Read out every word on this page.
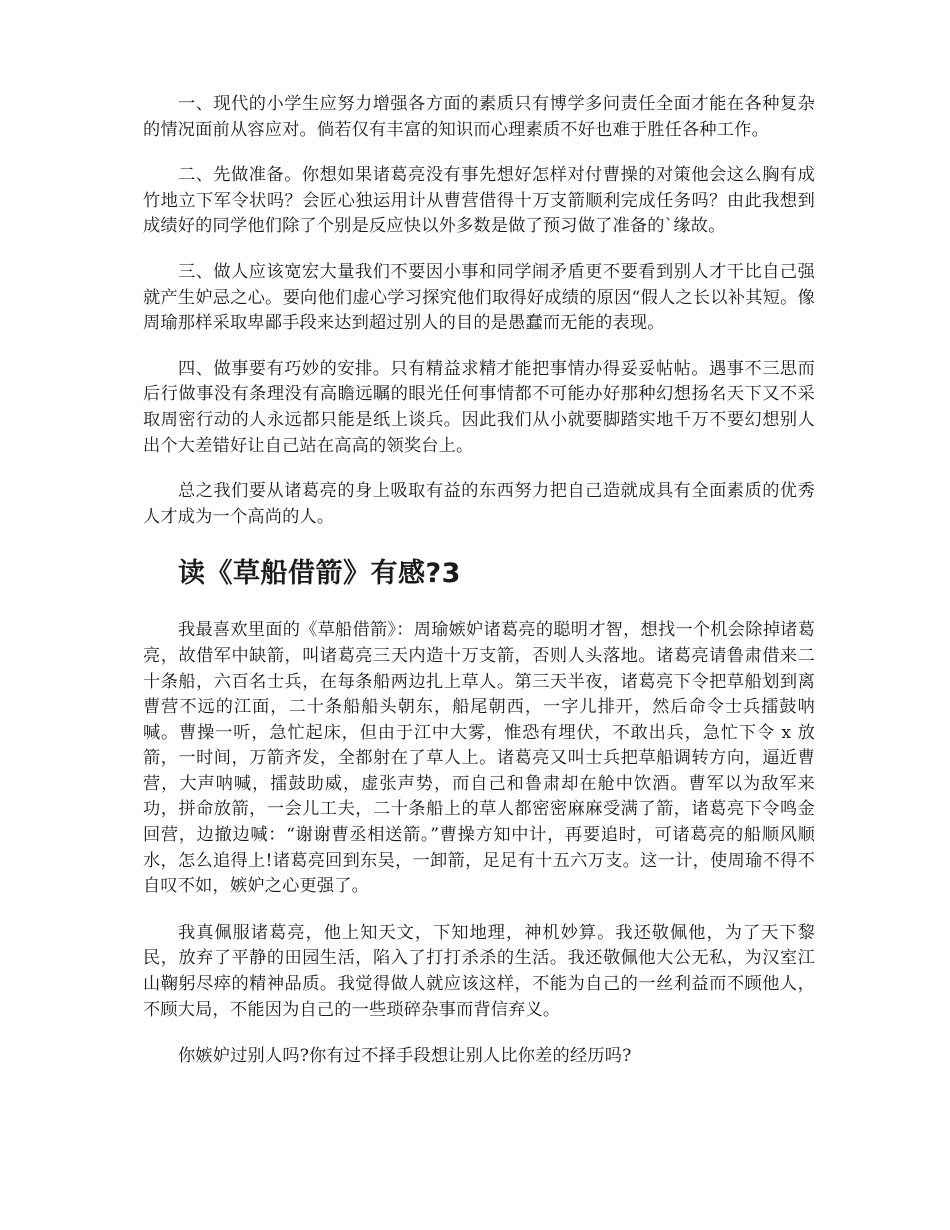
一、现代的小学生应努力增强各方面的素质只有博学多问责任全面才能在各种复杂的情况面前从容应对。倘若仅有丰富的知识而心理素质不好也难于胜任各种工作。

二、先做准备。你想如果诸葛亮没有事先想好怎样对付曹操的对策他会这么胸有成竹地立下军令状吗？会匠心独运用计从曹营借得十万支箭顺利完成任务吗？由此我想到成绩好的同学他们除了个别是反应快以外多数是做了预习做了准备的`缘故。

三、做人应该宽宏大量我们不要因小事和同学闹矛盾更不要看到别人才干比自己强就产生妒忌之心。要向他们虚心学习探究他们取得好成绩的原因“假人之长以补其短。像周瑜那样采取卑鄙手段来达到超过别人的目的是愚蠢而无能的表现。

四、做事要有巧妙的安排。只有精益求精才能把事情办得妥妥帖帖。遇事不三思而后行做事没有条理没有高瞻远瞩的眼光任何事情都不可能办好那种幻想扬名天下又不采取周密行动的人永远都只能是纸上谈兵。因此我们从小就要脚踏实地千万不要幻想别人出个大差错好让自己站在高高的领奖台上。

总之我们要从诸葛亮的身上吸取有益的东西努力把自己造就成具有全面素质的优秀人才成为一个高尚的人。

读《草船借箭》有感?3

我最喜欢里面的《草船借箭》：周瑜嫉妒诸葛亮的聪明才智，想找一个机会除掉诸葛亮，故借军中缺箭，叫诸葛亮三天内造十万支箭，否则人头落地。诸葛亮请鲁肃借来二十条船，六百名士兵，在每条船两边扎上草人。第三天半夜，诸葛亮下令把草船划到离曹营不远的江面，二十条船船头朝东，船尾朝西，一字儿排开，然后命令士兵擂鼓呐喊。曹操一听，急忙起床，但由于江中大雾，惟恐有埋伏，不敢出兵，急忙下令 x 放箭，一时间，万箭齐发，全都射在了草人上。诸葛亮又叫士兵把草船调转方向，逼近曹营，大声呐喊，擂鼓助威，虚张声势，而自己和鲁肃却在舱中饮酒。曹军以为敌军来功，拼命放箭，一会儿工夫，二十条船上的草人都密密麻麻受满了箭，诸葛亮下令鸣金回营，边撤边喊：“谢谢曹丞相送箭。”曹操方知中计，再要追时，可诸葛亮的船顺风顺水，怎么追得上!诸葛亮回到东吴，一卸箭，足足有十五六万支。这一计，使周瑜不得不自叹不如，嫉妒之心更强了。

我真佩服诸葛亮，他上知天文，下知地理，神机妙算。我还敬佩他，为了天下黎民，放弃了平静的田园生活，陷入了打打杀杀的生活。我还敬佩他大公无私，为汉室江山鞠躬尽瘁的精神品质。我觉得做人就应该这样，不能为自己的一丝利益而不顾他人，不顾大局，不能因为自己的一些琐碎杂事而背信弃义。

你嫉妒过别人吗?你有过不择手段想让别人比你差的经历吗?
